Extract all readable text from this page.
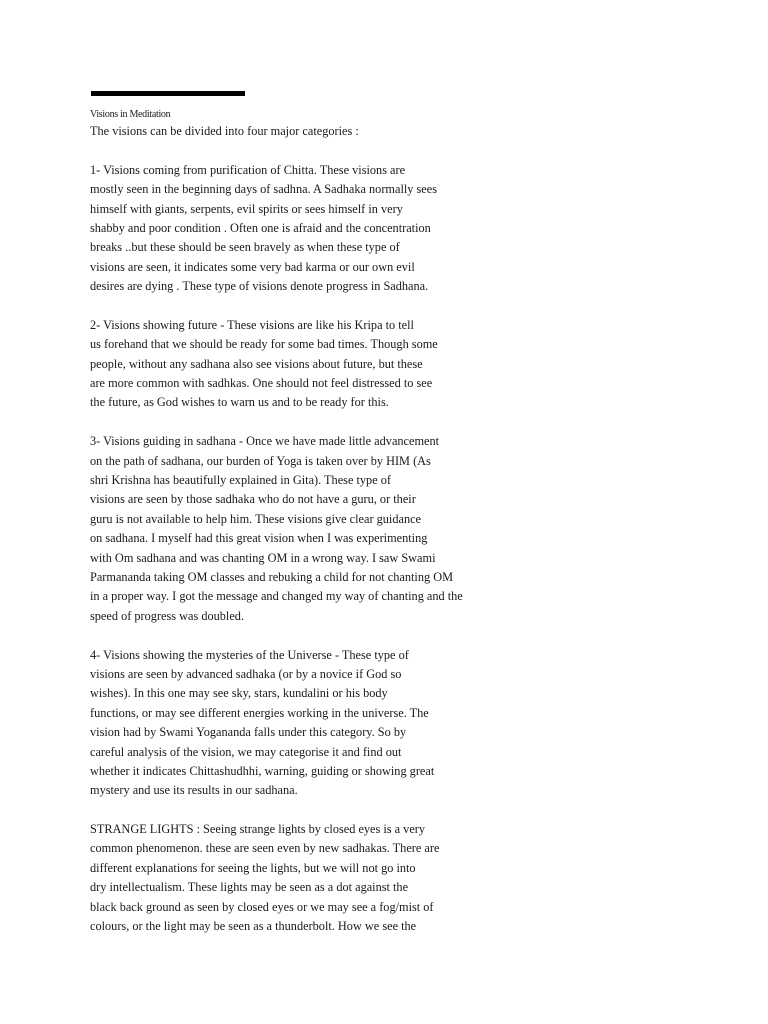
Visions in Meditation
The visions can be divided into four major categories :
1- Visions coming from purification of Chitta. These visions are
mostly seen in the beginning days of sadhna. A Sadhaka normally sees
himself with giants, serpents, evil spirits or sees himself in very
shabby and poor condition . Often one is afraid and the concentration
breaks ..but these should be seen bravely as when these type of
visions are seen, it indicates some very bad karma or our own evil
desires are dying . These type of visions denote progress in Sadhana.
2- Visions showing future - These visions are like his Kripa to tell
us forehand that we should be ready for some bad times. Though some
people, without any sadhana also see visions about future, but these
are more common with sadhkas. One should not feel distressed to see
the future, as God wishes to warn us and to be ready for this.
3- Visions guiding in sadhana - Once we have made little advancement
on the path of sadhana, our burden of Yoga is taken over by HIM (As
shri Krishna has beautifully explained in Gita). These type of
visions are seen by those sadhaka who do not have a guru, or their
guru is not available to help him. These visions give clear guidance
on sadhana. I myself had this great vision when I was experimenting
with Om sadhana and was chanting OM in a wrong way. I saw Swami
Parmananda taking OM classes and rebuking a child for not chanting OM
in a proper way. I got the message and changed my way of chanting and the
speed of progress was doubled.
4- Visions showing the mysteries of the Universe - These type of
visions are seen by advanced sadhaka (or by a novice if God so
wishes). In this one may see sky, stars, kundalini or his body
functions, or may see different energies working in the universe. The
vision had by Swami Yogananda falls under this category. So by
careful analysis of the vision, we may categorise it and find out
whether it indicates Chittashudhhi, warning, guiding or showing great
mystery and use its results in our sadhana.
STRANGE LIGHTS : Seeing strange lights by closed eyes is a very
common phenomenon. these are seen even by new sadhakas. There are
different explanations for seeing the lights, but we will not go into
dry intellectualism. These lights may be seen as a dot against the
black back ground as seen by closed eyes or we may see a fog/mist of
colours, or the light may be seen as a thunderbolt. How we see the
